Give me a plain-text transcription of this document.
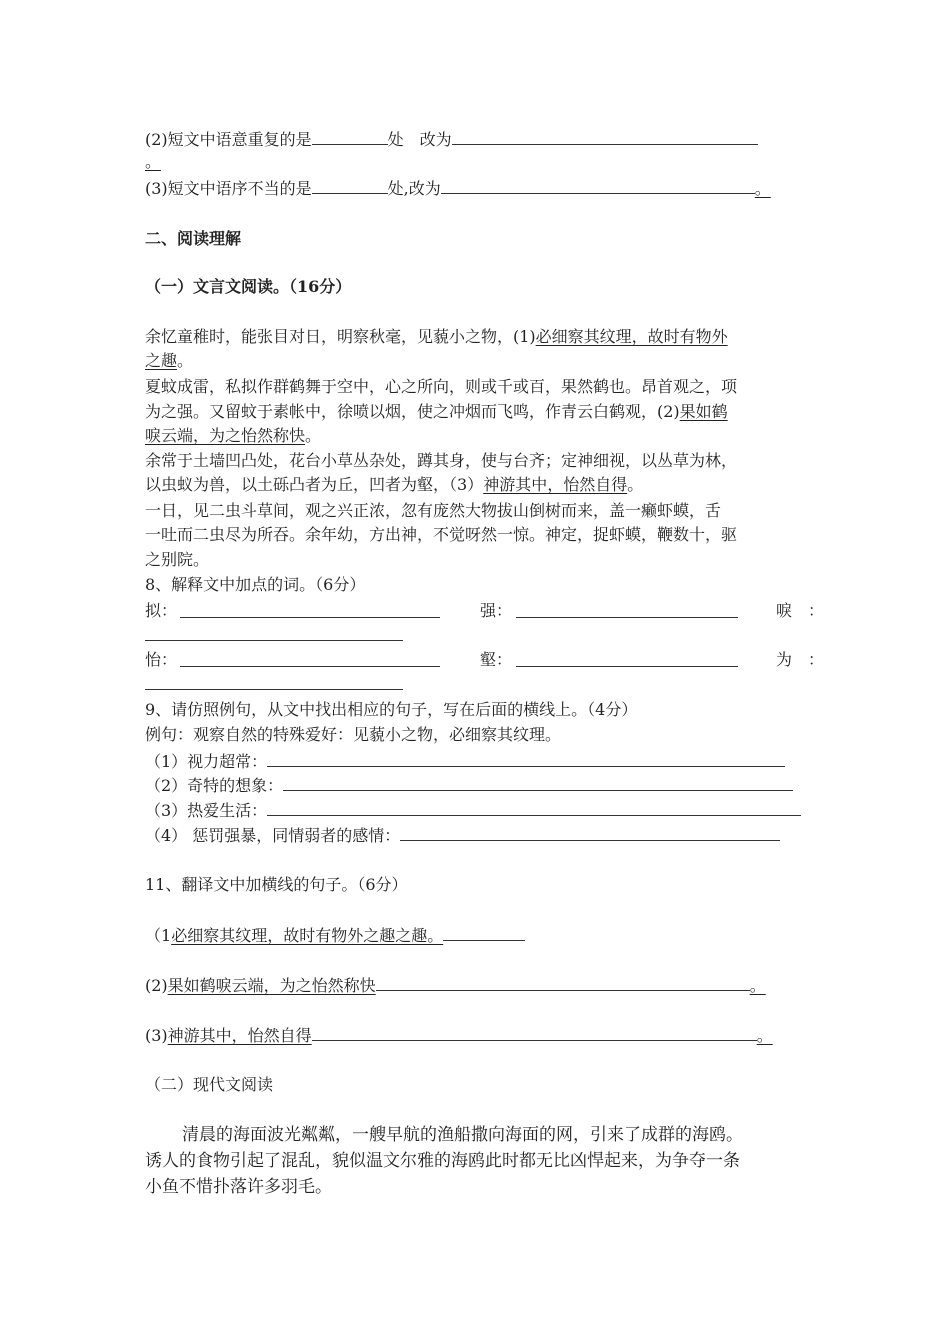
(2)短文中语意重复的是	处　改为
。
(3)短文中语序不当的是	处,改为	。
二、阅读理解
（一）文言文阅读。（16分）
余忆童稚时，能张目对日，明察秋毫，见藐小之物，(1)必细察其纹理，故时有物外
之趣。
夏蚊成雷，私拟作群鹤舞于空中，心之所向，则或千或百，果然鹤也。昂首观之，项
为之强。又留蚊于素帐中，徐喷以烟，使之冲烟而飞鸣，作青云白鹤观，(2)果如鹤
唳云端，为之怡然称快。
余常于土墙凹凸处，花台小草丛杂处，蹲其身，使与台齐；定神细视，以丛草为林，
以虫蚁为兽，以土砾凸者为丘，凹者为壑，（3）神游其中，怡然自得。
一日，见二虫斗草间，观之兴正浓，忽有庞然大物拔山倒树而来，盖一癞虾蟆，舌
一吐而二虫尽为所吞。余年幼，方出神，不觉呀然一惊。神定，捉虾蟆，鞭数十，驱
之别院。
8、解释文中加点的词。（6分）
拟：	强：	唳　：
怡：	壑：	为　：
9、请仿照例句，从文中找出相应的句子，写在后面的横线上。（4分）
例句：观察自然的特殊爱好：见藐小之物，必细察其纹理。
（1）视力超常：
（2）奇特的想象：
（3）热爱生活：
（4） 惩罚强暴，同情弱者的感情：
11、翻译文中加横线的句子。（6分）
（1必细察其纹理，故时有物外之趣之趣。
(2)果如鹤唳云端，为之怡然称快	。
(3)神游其中，怡然自得	。
（二）现代文阅读
清晨的海面波光粼粼，一艘早航的渔船撒向海面的网，引来了成群的海鸥。
诱人的食物引起了混乱，貌似温文尔雅的海鸥此时都无比凶悍起来，为争夺一条
小鱼不惜扑落许多羽毛。
